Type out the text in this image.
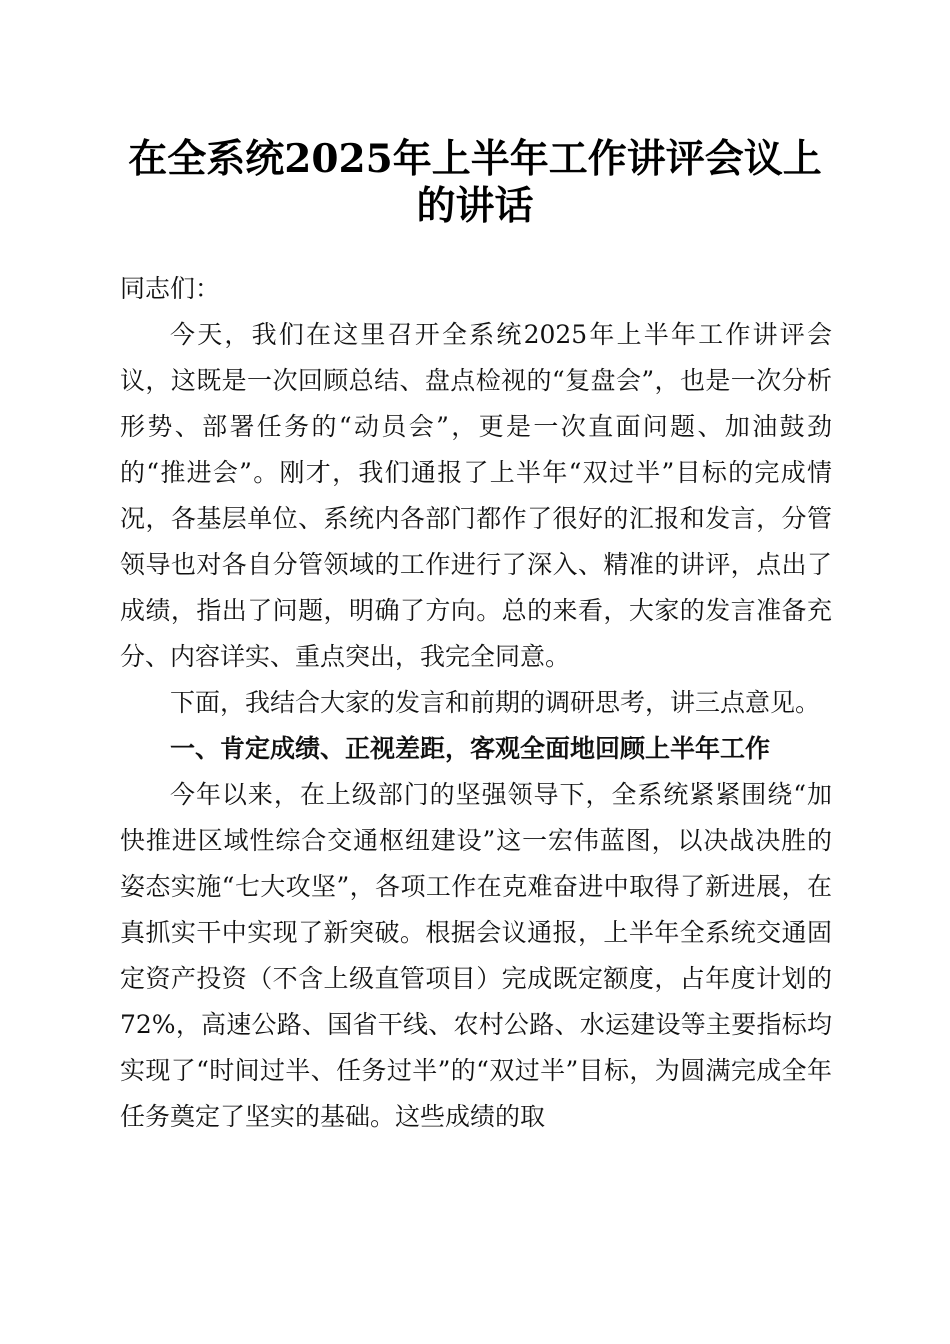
在全系统2025年上半年工作讲评会议上的讲话

同志们：

今天，我们在这里召开全系统2025年上半年工作讲评会议，这既是一次回顾总结、盘点检视的“复盘会”，也是一次分析形势、部署任务的“动员会”，更是一次直面问题、加油鼓劲的“推进会”。刚才，我们通报了上半年“双过半”目标的完成情况，各基层单位、系统内各部门都作了很好的汇报和发言，分管领导也对各自分管领域的工作进行了深入、精准的讲评，点出了成绩，指出了问题，明确了方向。总的来看，大家的发言准备充分、内容详实、重点突出，我完全同意。

下面，我结合大家的发言和前期的调研思考，讲三点意见。

一、肯定成绩、正视差距，客观全面地回顾上半年工作

今年以来，在上级部门的坚强领导下，全系统紧紧围绕“加快推进区域性综合交通枢纽建设”这一宏伟蓝图，以决战决胜的姿态实施“七大攻坚”，各项工作在克难奋进中取得了新进展，在真抓实干中实现了新突破。根据会议通报，上半年全系统交通固定资产投资（不含上级直管项目）完成既定额度，占年度计划的72%，高速公路、国省干线、农村公路、水运建设等主要指标均实现了“时间过半、任务过半”的“双过半”目标，为圆满完成全年任务奠定了坚实的基础。这些成绩的取
